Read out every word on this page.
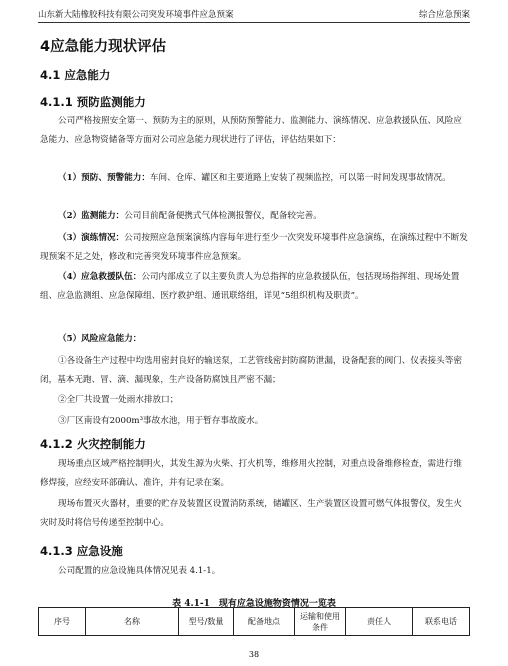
山东新大陆橡胶科技有限公司突发环境事件应急预案	综合应急预案
4应急能力现状评估
4.1 应急能力
4.1.1 预防监测能力
公司严格按照安全第一、预防为主的原则，从预防预警能力、监测能力、演练情况、应急救援队伍、风险应急能力、应急物资储备等方面对公司应急能力现状进行了评估，评估结果如下：
（1）预防、预警能力：车间、仓库、罐区和主要道路上安装了视频监控，可以第一时间发现事故情况。
（2）监测能力：公司目前配备便携式气体检测报警仪，配备较完善。
（3）演练情况：公司按照应急预案演练内容每年进行至少一次突发环境事件应急演练，在演练过程中不断发现预案不足之处，修改和完善突发环境事件应急预案。
（4）应急救援队伍：公司内部成立了以主要负责人为总指挥的应急救援队伍，包括现场指挥组、现场处置组、应急监测组、应急保障组、医疗救护组、通讯联络组，详见“5组织机构及职责”。
（5）风险应急能力：
①各设备生产过程中均选用密封良好的输送泵，工艺管线密封防腐防泄漏，设备配套的阀门、仪表接头等密闭，基本无跑、冒、滴、漏现象，生产设备防腐蚀且严密不漏；
②全厂共设置一处雨水排放口；
③厂区南设有2000m³事故水池，用于暂存事故废水。
4.1.2 火灾控制能力
现场重点区域严格控制明火，其发生源为火柴、打火机等，维修用火控制，对重点设备维修检查，需进行维修焊接，应经安环部确认、准许，并有记录在案。
现场布置灭火器材，重要的贮存及装置区设置消防系统，储罐区、生产装置区设置可燃气体报警仪，发生火灾时及时将信号传递至控制中心。
4.1.3 应急设施
公司配置的应急设施具体情况见表 4.1-1。
表 4.1-1　现有应急设施物资情况一览表
序号	名称	型号/数量	配备地点	运输和使用条件	责任人	联系电话
38
